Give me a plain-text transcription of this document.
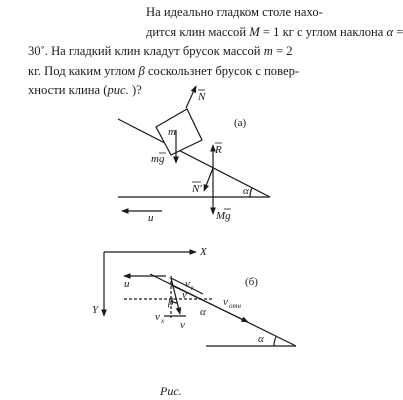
На идеально гладком столе нахо-
дится клин массой M = 1 кг с углом наклона α =
30˚. На гладкий клин кладут брусок массой m = 2
кг. Под каким углом β соскользнет брусок с повер-
хности клина (рис. )?
(а)
m
N
mg
R
N′
Mg
α
u
X
Y
u	(б)
v r
v отн
v x
v
β
α
α
v
Рис.
